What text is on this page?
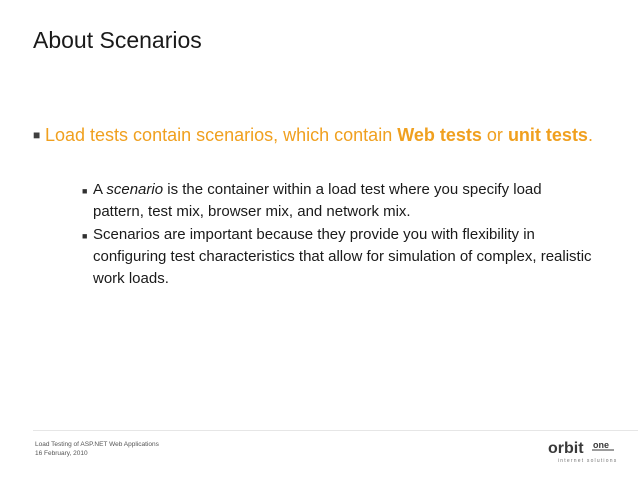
About Scenarios
■ Load tests contain scenarios, which contain Web tests or unit tests.
■ A scenario is the container within a load test where you specify load pattern, test mix, browser mix, and network mix.
■ Scenarios are important because they provide you with flexibility in configuring test characteristics that allow for simulation of complex, realistic work loads.
Load Testing of ASP.NET Web Applications
16 February, 2010	orbit one
internet solutions
